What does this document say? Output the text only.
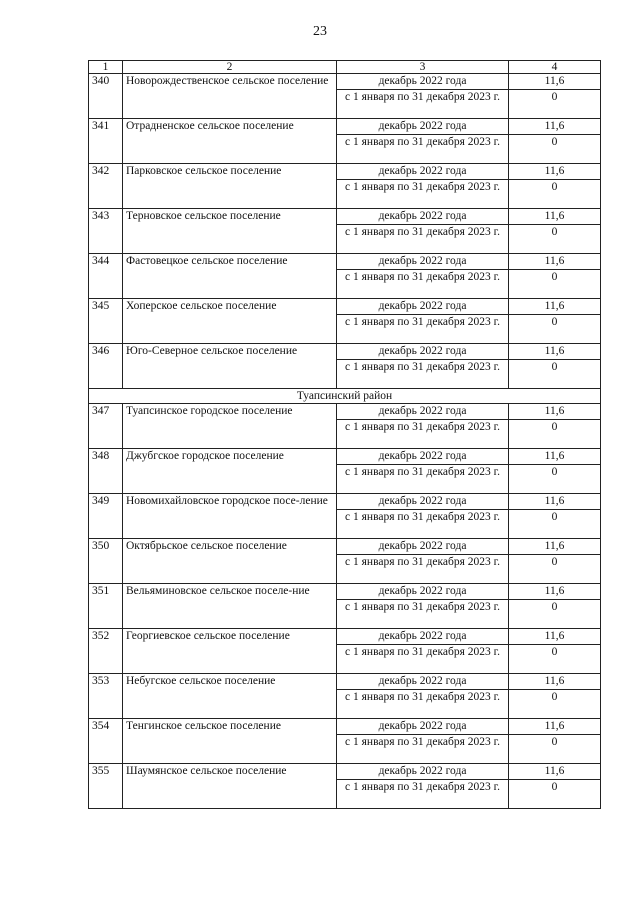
23
1	2	3	4
340	Новорождественское сельское поселение	декабрь 2022 года	11,6
		с 1 января по 31 декабря 2023 г.	0
341	Отрадненское сельское поселение	декабрь 2022 года	11,6
		с 1 января по 31 декабря 2023 г.	0
342	Парковское сельское поселение	декабрь 2022 года	11,6
		с 1 января по 31 декабря 2023 г.	0
343	Терновское сельское поселение	декабрь 2022 года	11,6
		с 1 января по 31 декабря 2023 г.	0
344	Фастовецкое сельское поселение	декабрь 2022 года	11,6
		с 1 января по 31 декабря 2023 г.	0
345	Хоперское сельское поселение	декабрь 2022 года	11,6
		с 1 января по 31 декабря 2023 г.	0
346	Юго-Северное сельское поселение	декабрь 2022 года	11,6
		с 1 января по 31 декабря 2023 г.	0
Туапсинский район			
347	Туапсинское городское поселение	декабрь 2022 года	11,6
		с 1 января по 31 декабря 2023 г.	0
348	Джубгское городское поселение	декабрь 2022 года	11,6
		с 1 января по 31 декабря 2023 г.	0
349	Новомихайловское городское посе-ление	декабрь 2022 года	11,6
		с 1 января по 31 декабря 2023 г.	0
350	Октябрьское сельское поселение	декабрь 2022 года	11,6
		с 1 января по 31 декабря 2023 г.	0
351	Вельяминовское сельское поселе-ние	декабрь 2022 года	11,6
		с 1 января по 31 декабря 2023 г.	0
352	Георгиевское сельское поселение	декабрь 2022 года	11,6
		с 1 января по 31 декабря 2023 г.	0
353	Небугское сельское поселение	декабрь 2022 года	11,6
		с 1 января по 31 декабря 2023 г.	0
354	Тенгинское сельское поселение	декабрь 2022 года	11,6
		с 1 января по 31 декабря 2023 г.	0
355	Шаумянское сельское поселение	декабрь 2022 года	11,6
		с 1 января по 31 декабря 2023 г.	0
